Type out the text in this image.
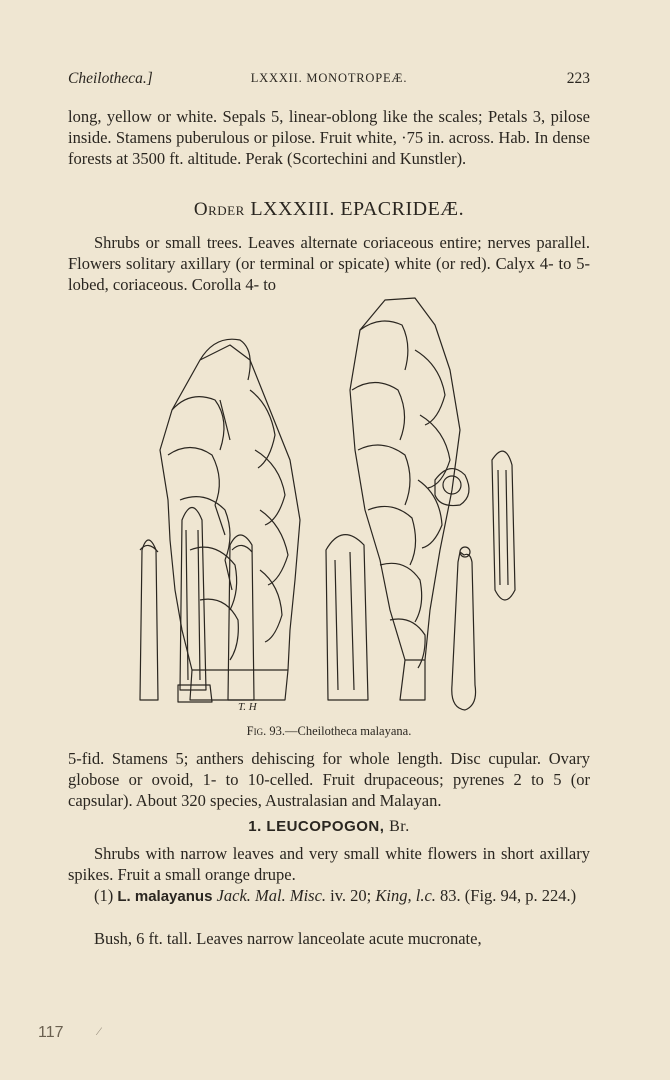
Cheilotheca.]	LXXXII. MONOTROPEÆ.	223
long, yellow or white. Sepals 5, linear-oblong like the scales; Petals 3, pilose inside. Stamens puberulous or pilose. Fruit white, ·75 in. across. Hab. In dense forests at 3500 ft. altitude. Perak (Scortechini and Kunstler).
Order LXXXIII. EPACRIDEÆ.
Shrubs or small trees. Leaves alternate coriaceous entire; nerves parallel. Flowers solitary axillary (or terminal or spicate) white (or red). Calyx 4- to 5-lobed, coriaceous. Corolla 4- to
T. H
Fig. 93.—Cheilotheca malayana.
5-fid. Stamens 5; anthers dehiscing for whole length. Disc cupular. Ovary globose or ovoid, 1- to 10-celled. Fruit drupaceous; pyrenes 2 to 5 (or capsular). About 320 species, Australasian and Malayan.
1. LEUCOPOGON, Br.
Shrubs with narrow leaves and very small white flowers in short axillary spikes. Fruit a small orange drupe.
(1) L. malayanus Jack. Mal. Misc. iv. 20; King, l.c. 83. (Fig. 94, p. 224.)
Bush, 6 ft. tall. Leaves narrow lanceolate acute mucronate,
117	⁄
